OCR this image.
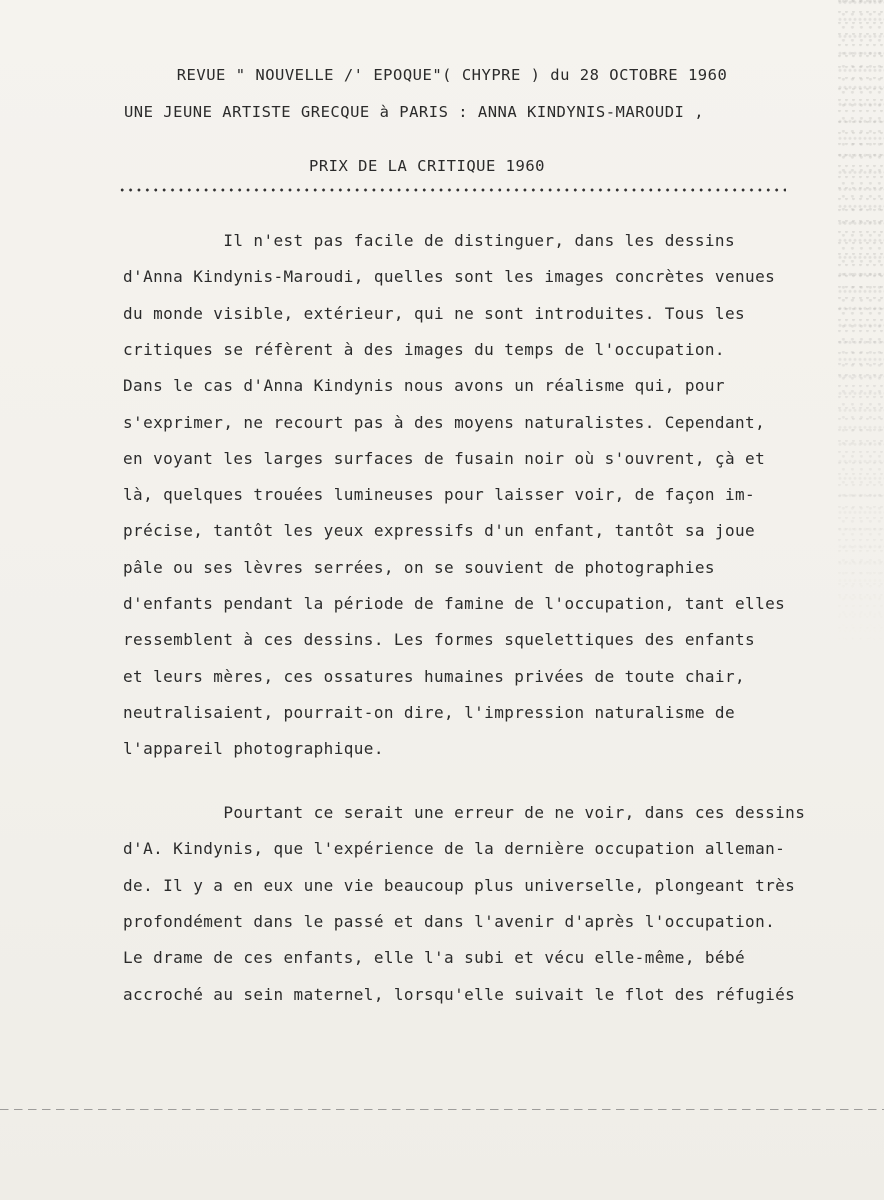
REVUE " NOUVELLE /' EPOQUE"( CHYPRE ) du 28 OCTOBRE 1960
UNE JEUNE ARTISTE GRECQUE à PARIS : ANNA KINDYNIS-MAROUDI ,
PRIX DE LA CRITIQUE 1960
Il n'est pas facile de distinguer, dans les dessins
d'Anna Kindynis-Maroudi, quelles sont les images concrètes venues
du monde visible, extérieur, qui ne sont introduites. Tous les
critiques se réfèrent à des images du temps de l'occupation.
Dans le cas d'Anna Kindynis nous avons un réalisme qui, pour
s'exprimer, ne recourt pas à des moyens naturalistes. Cependant,
en voyant les larges surfaces de fusain noir où s'ouvrent, çà et
là, quelques trouées lumineuses pour laisser voir, de façon im-
précise, tantôt les yeux expressifs d'un enfant, tantôt sa joue
pâle ou ses lèvres serrées, on se souvient de photographies
d'enfants pendant la période de famine de l'occupation, tant elles
ressemblent à ces dessins. Les formes squelettiques des enfants
et leurs mères, ces ossatures humaines privées de toute chair,
neutralisaient, pourrait-on dire, l'impression naturalisme de
l'appareil photographique.
Pourtant ce serait une erreur de ne voir, dans ces dessins
d'A. Kindynis, que l'expérience de la dernière occupation alleman-
de. Il y a en eux une vie beaucoup plus universelle, plongeant très
profondément dans le passé et dans l'avenir d'après l'occupation.
Le drame de ces enfants, elle l'a subi et vécu elle-même, bébé
accroché au sein maternel, lorsqu'elle suivait le flot des réfugiés
